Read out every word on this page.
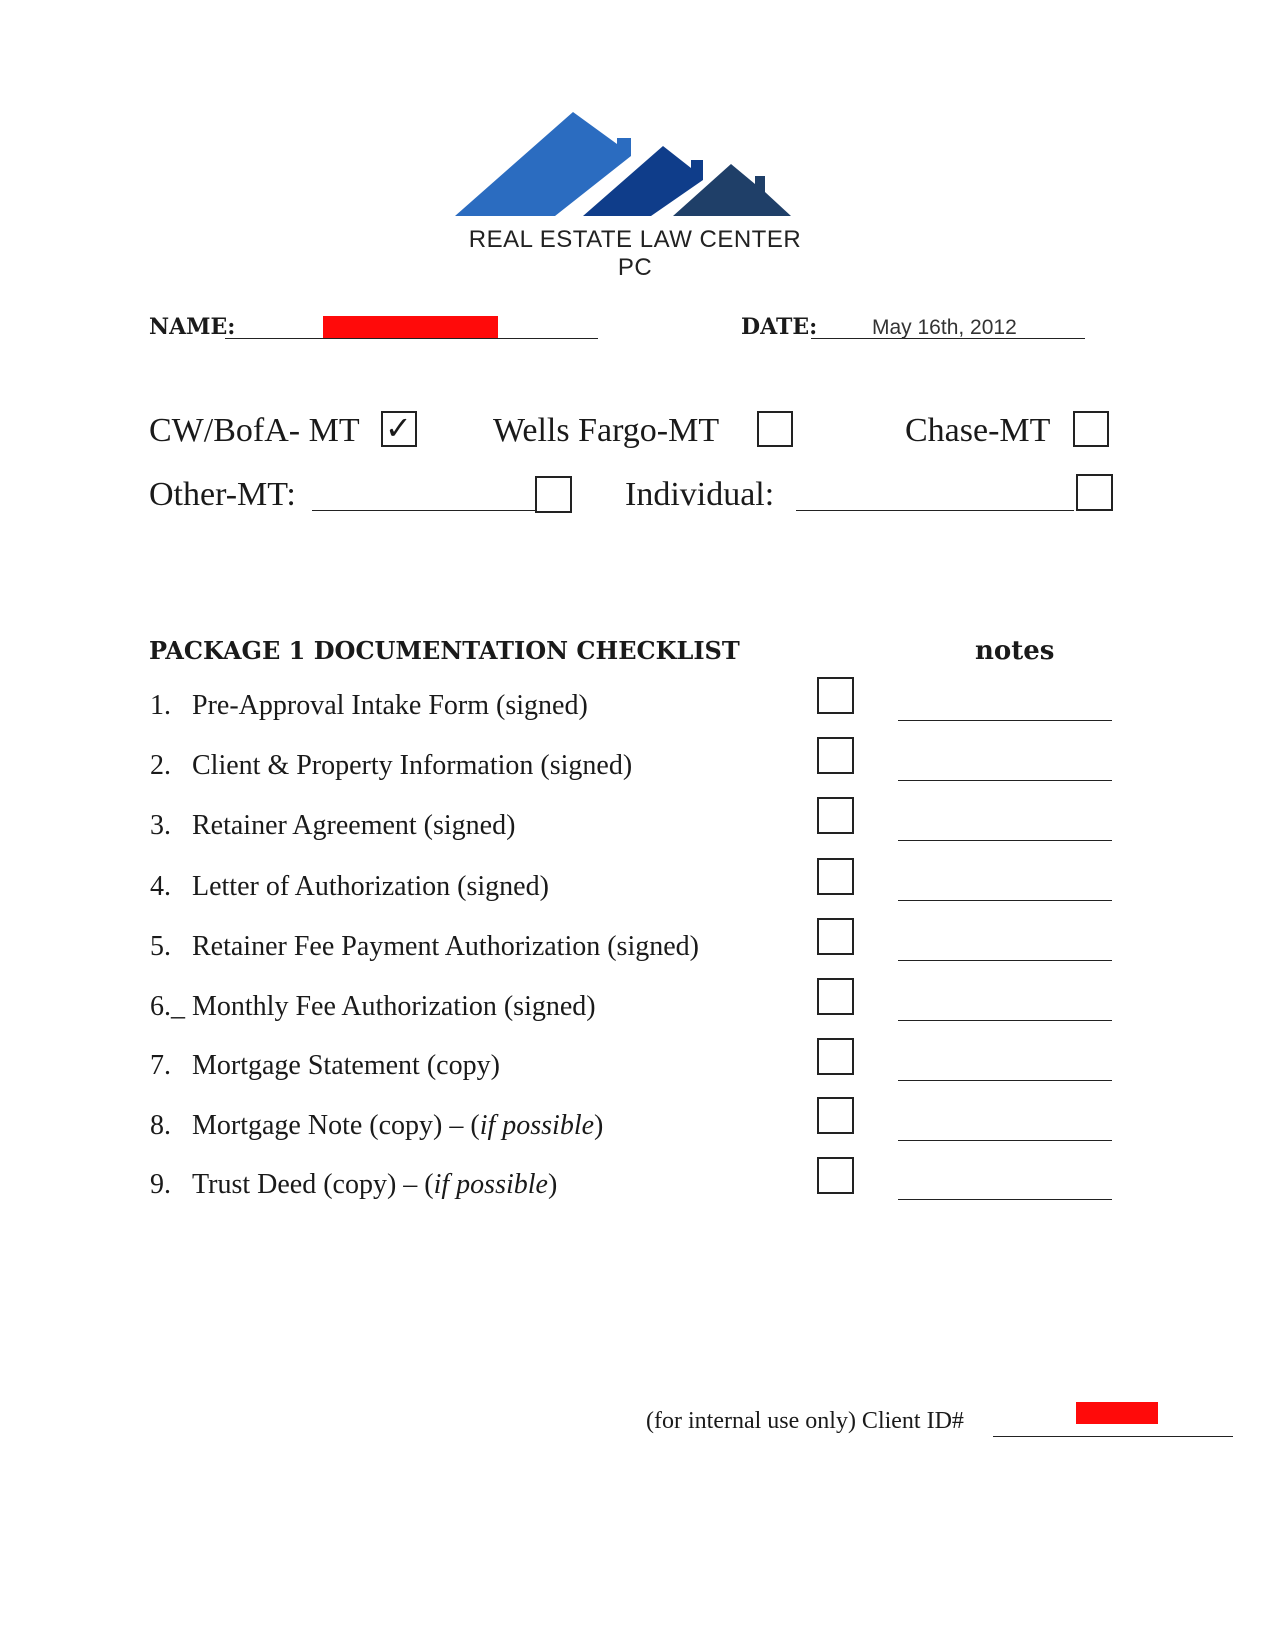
REAL ESTATE LAW CENTER PC
NAME:	DATE:	May 16th, 2012
CW/BofA- MT ✓ Wells Fargo-MT	Chase-MT
Other-MT:	Individual:
PACKAGE 1 DOCUMENTATION CHECKLIST	notes
1. Pre-Approval Intake Form (signed)
2. Client & Property Information (signed)
3. Retainer Agreement (signed)
4. Letter of Authorization (signed)
5. Retainer Fee Payment Authorization (signed)
6._ Monthly Fee Authorization (signed)
7. Mortgage Statement (copy)
8. Mortgage Note (copy) – (if possible)
9. Trust Deed (copy) – (if possible)
(for internal use only) Client ID#
